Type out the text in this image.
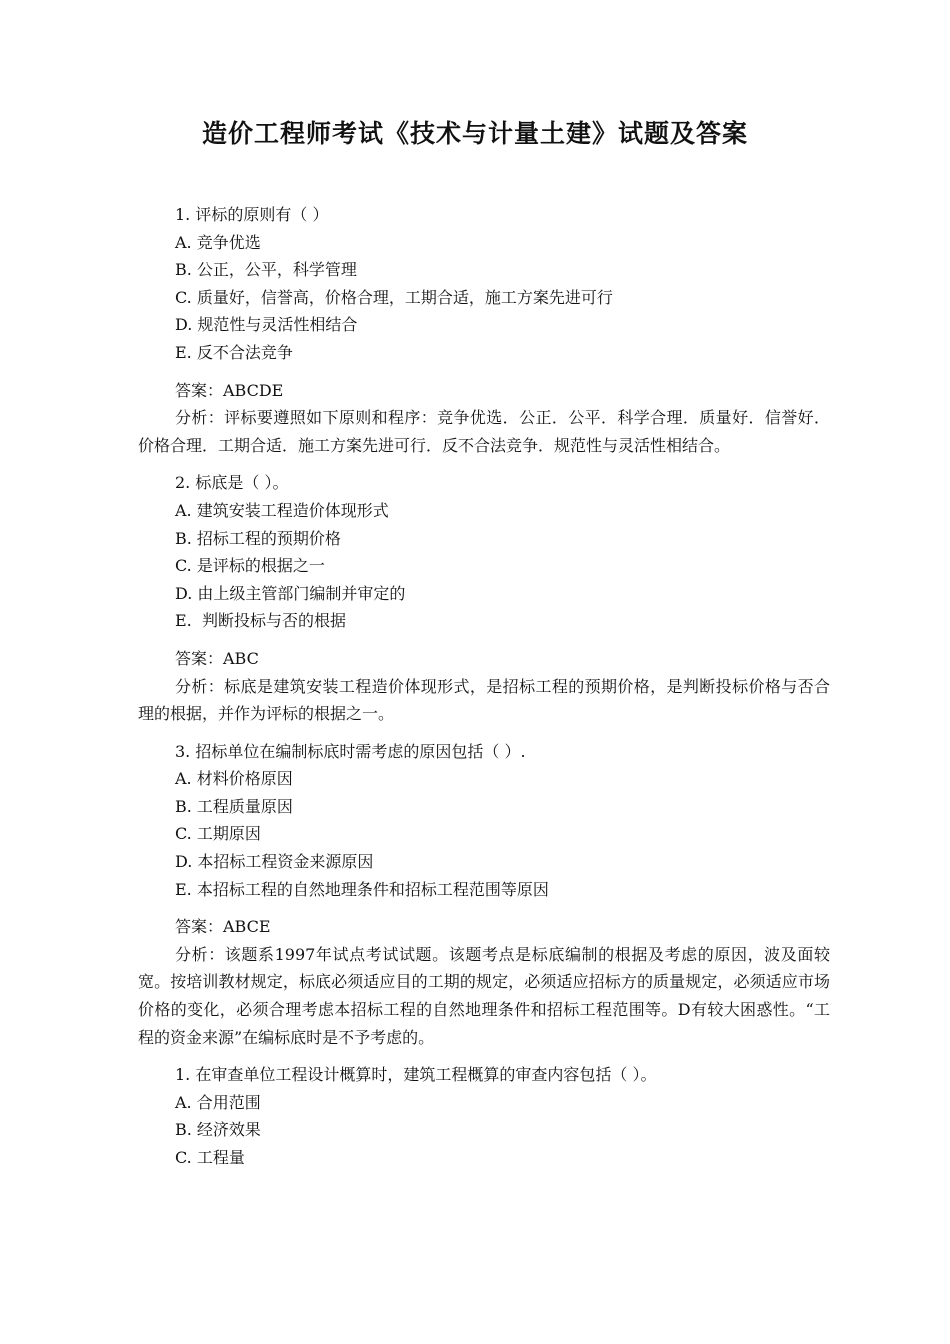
造价工程师考试《技术与计量土建》试题及答案
1. 评标的原则有（ ）
A. 竞争优选
B. 公正，公平，科学管理
C. 质量好，信誉高，价格合理，工期合适，施工方案先进可行
D. 规范性与灵活性相结合
E. 反不合法竞争
答案：ABCDE

分析：评标要遵照如下原则和程序：竞争优选．公正．公平．科学合理．质量好．信誉好．价格合理．工期合适．施工方案先进可行．反不合法竞争．规范性与灵活性相结合。

2. 标底是（ ）。
A. 建筑安装工程造价体现形式
B. 招标工程的预期价格
C. 是评标的根据之一
D. 由上级主管部门编制并审定的
E.  判断投标与否的根据
答案：ABC

分析：标底是建筑安装工程造价体现形式，是招标工程的预期价格，是判断投标价格与否合理的根据，并作为评标的根据之一。

3. 招标单位在编制标底时需考虑的原因包括（ ）.
A. 材料价格原因
B. 工程质量原因
C. 工期原因
D. 本招标工程资金来源原因
E. 本招标工程的自然地理条件和招标工程范围等原因
答案：ABCE

分析：该题系1997年试点考试试题。该题考点是标底编制的根据及考虑的原因，波及面较宽。按培训教材规定，标底必须适应目的工期的规定，必须适应招标方的质量规定，必须适应市场价格的变化，必须合理考虑本招标工程的自然地理条件和招标工程范围等。D有较大困惑性。“工程的资金来源”在编标底时是不予考虑的。

1. 在审查单位工程设计概算时，建筑工程概算的审查内容包括（ ）。
A. 合用范围
B. 经济效果
C. 工程量
